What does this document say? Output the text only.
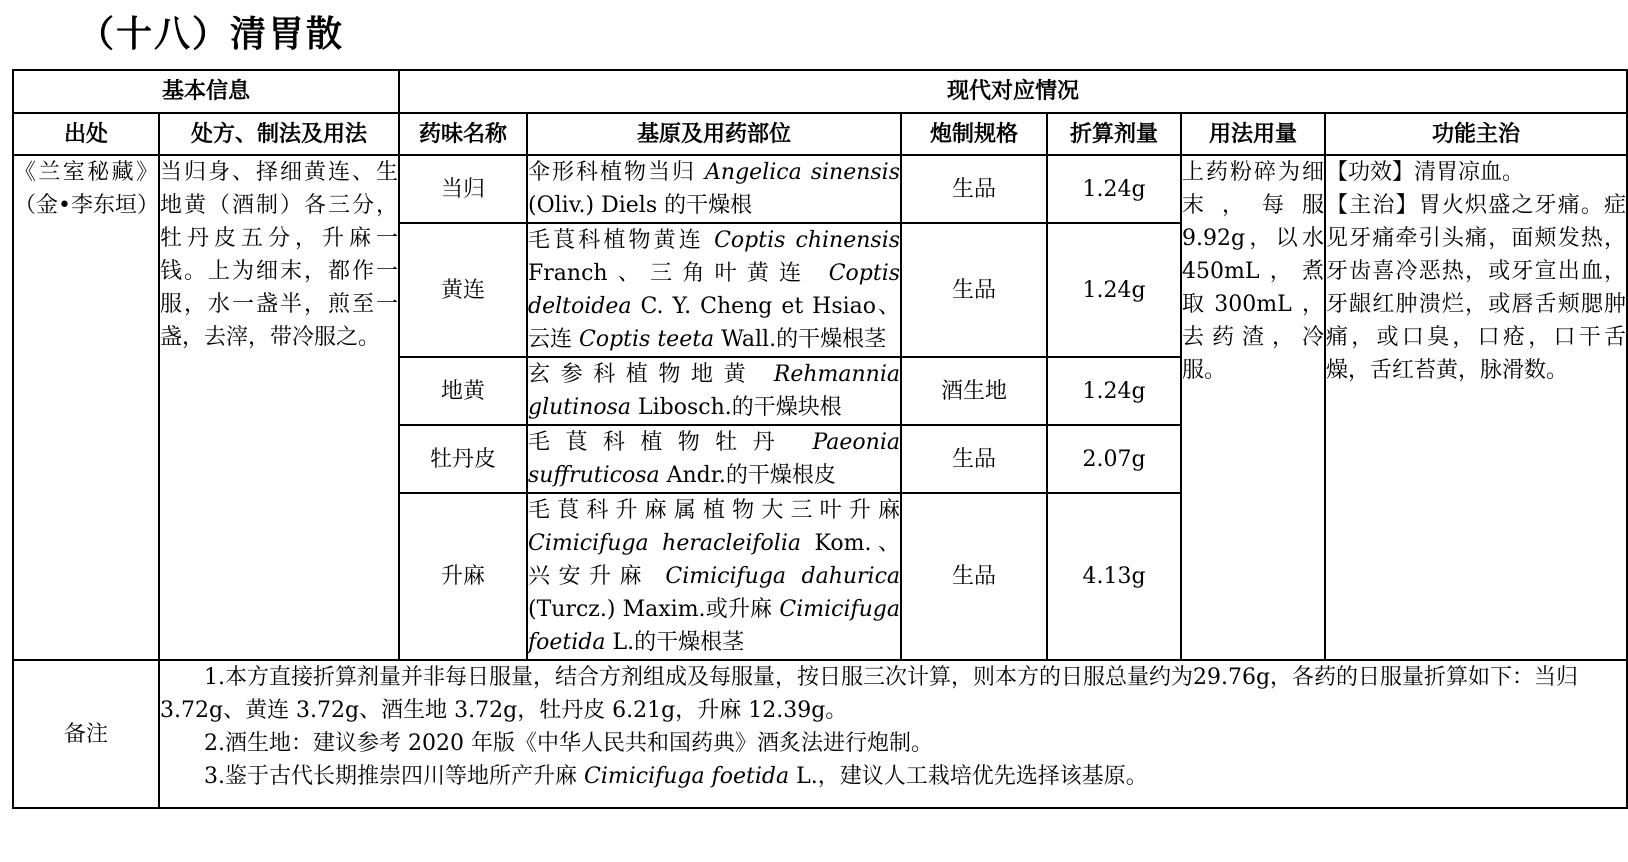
（十八）清胃散
基本信息		现代对应情况					
出处	处方、制法及用法	药味名称	基原及用药部位	炮制规格	折算剂量	用法用量	功能主治
《兰室秘藏》（金•李东垣）	当归身、择细黄连、生地黄（酒制）各三分，牡丹皮五分，升麻一钱。上为细末，都作一服，水一盏半，煎至一盏，去滓，带冷服之。	当归	伞形科植物当归 Angelica sinensis (Oliv.) Diels 的干燥根	生品	1.24g	上药粉碎为细末，每服9.92g，以水450mL，煮取300mL，去药渣，冷服。	【功效】清胃凉血。
【主治】胃火炽盛之牙痛。症见牙痛牵引头痛，面颊发热，牙齿喜冷恶热，或牙宣出血，牙龈红肿溃烂，或唇舌颊腮肿痛，或口臭，口疮，口干舌燥，舌红苔黄，脉滑数。

		黄连	毛茛科植物黄连 Coptis chinensis Franch、三角叶黄连 Coptis deltoidea C. Y. Cheng et Hsiao、云连 Coptis teeta Wall.的干燥根茎	生品	1.24g		
		地黄	玄参科植物地黄 Rehmannia glutinosa Libosch.的干燥块根	酒生地	1.24g		
		牡丹皮	毛茛科植物牡丹 Paeonia suffruticosa Andr.的干燥根皮	生品	2.07g		
		升麻	毛茛科升麻属植物大三叶升麻 Cimicifuga heracleifolia Kom.、兴安升麻 Cimicifuga dahurica (Turcz.) Maxim.或升麻 Cimicifuga foetida L.的干燥根茎	生品	4.13g		
备注	1.本方直接折算剂量并非每日服量，结合方剂组成及每服量，按日服三次计算，则本方的日服总量约为29.76g，各药的日服量折算如下：当归 3.72g、黄连 3.72g、酒生地 3.72g，牡丹皮 6.21g，升麻 12.39g。

2.酒生地：建议参考 2020 年版《中华人民共和国药典》酒炙法进行炮制。

3.鉴于古代长期推崇四川等地所产升麻 Cimicifuga foetida L.，建议人工栽培优先选择该基原。						
